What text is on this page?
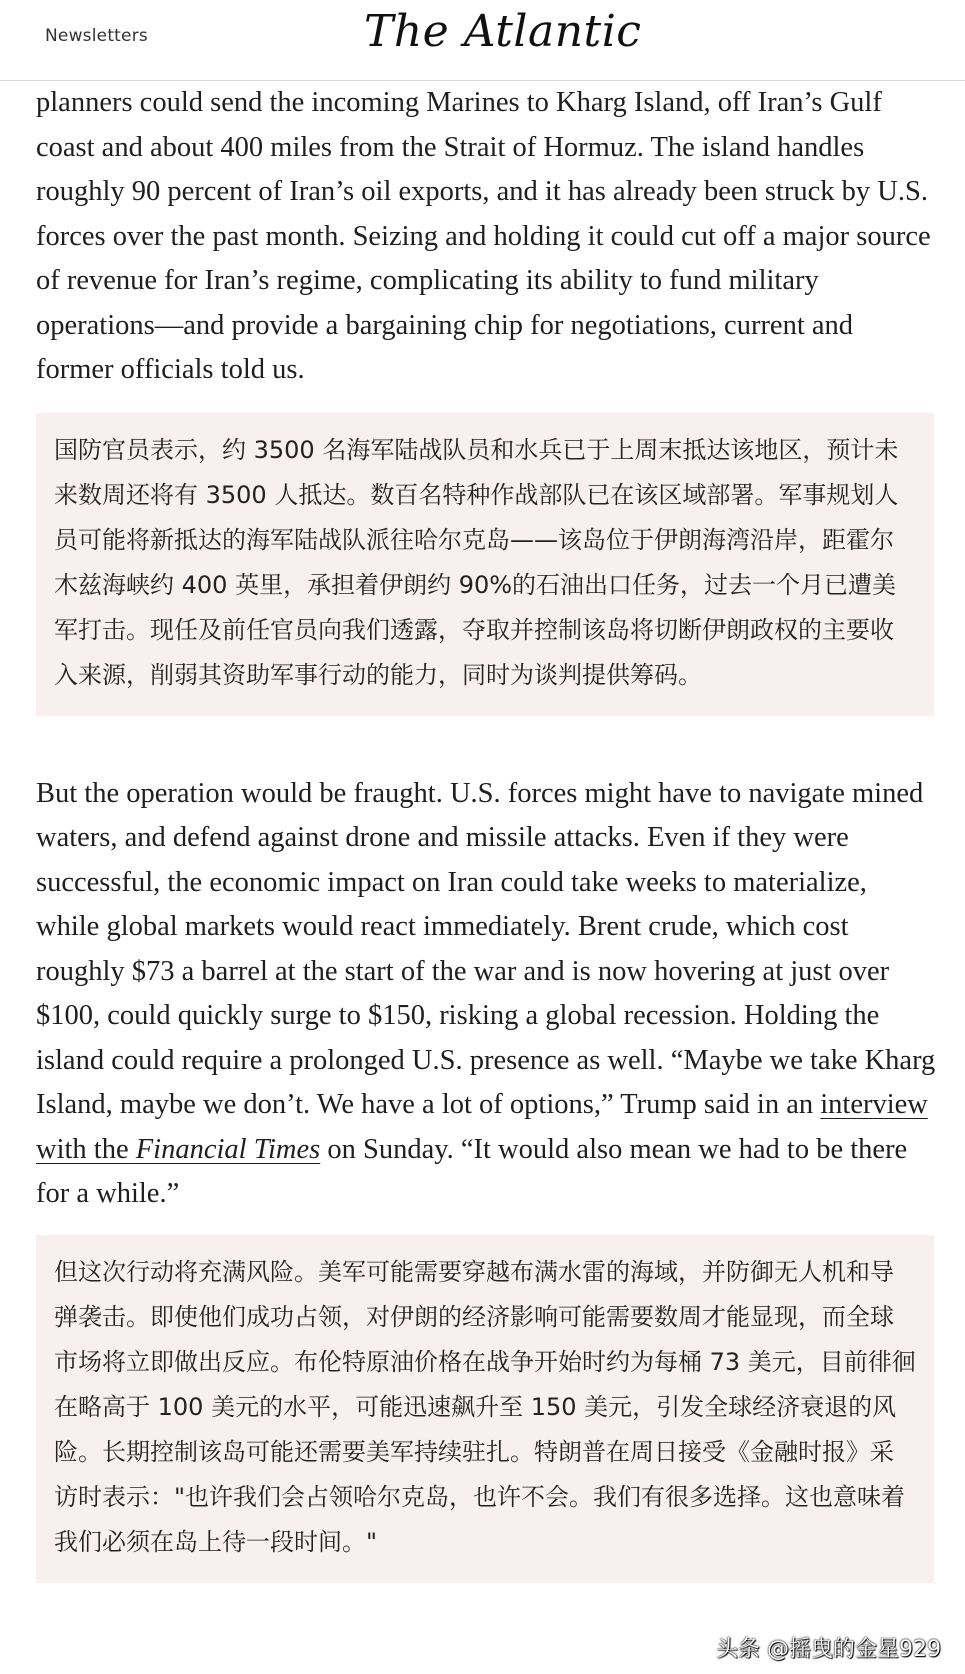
Newsletters	The Atlantic

planners could send the incoming Marines to Kharg Island, off Iran’s Gulf coast and about 400 miles from the Strait of Hormuz. The island handles roughly 90 percent of Iran’s oil exports, and it has already been struck by U.S. forces over the past month. Seizing and holding it could cut off a major source of revenue for Iran’s regime, complicating its ability to fund military operations—and provide a bargaining chip for negotiations, current and former officials told us.

国防官员表示，约 3500 名海军陆战队员和水兵已于上周末抵达该地区，预计未来数周还将有 3500 人抵达。数百名特种作战部队已在该区域部署。军事规划人员可能将新抵达的海军陆战队派往哈尔克岛——该岛位于伊朗海湾沿岸，距霍尔木兹海峡约 400 英里，承担着伊朗约 90%的石油出口任务，过去一个月已遭美军打击。现任及前任官员向我们透露，夺取并控制该岛将切断伊朗政权的主要收入来源，削弱其资助军事行动的能力，同时为谈判提供筹码。

But the operation would be fraught. U.S. forces might have to navigate mined waters, and defend against drone and missile attacks. Even if they were successful, the economic impact on Iran could take weeks to materialize, while global markets would react immediately. Brent crude, which cost roughly $73 a barrel at the start of the war and is now hovering at just over $100, could quickly surge to $150, risking a global recession. Holding the island could require a prolonged U.S. presence as well. “Maybe we take Kharg Island, maybe we don’t. We have a lot of options,” Trump said in an interview with the Financial Times on Sunday. “It would also mean we had to be there for a while.”

但这次行动将充满风险。美军可能需要穿越布满水雷的海域，并防御无人机和导弹袭击。即使他们成功占领，对伊朗的经济影响可能需要数周才能显现，而全球市场将立即做出反应。布伦特原油价格在战争开始时约为每桶 73 美元，目前徘徊在略高于 100 美元的水平，可能迅速飙升至 150 美元，引发全球经济衰退的风险。长期控制该岛可能还需要美军持续驻扎。特朗普在周日接受《金融时报》采访时表示："也许我们会占领哈尔克岛，也许不会。我们有很多选择。这也意味着我们必须在岛上待一段时间。"
头条 @摇曳的金星929
